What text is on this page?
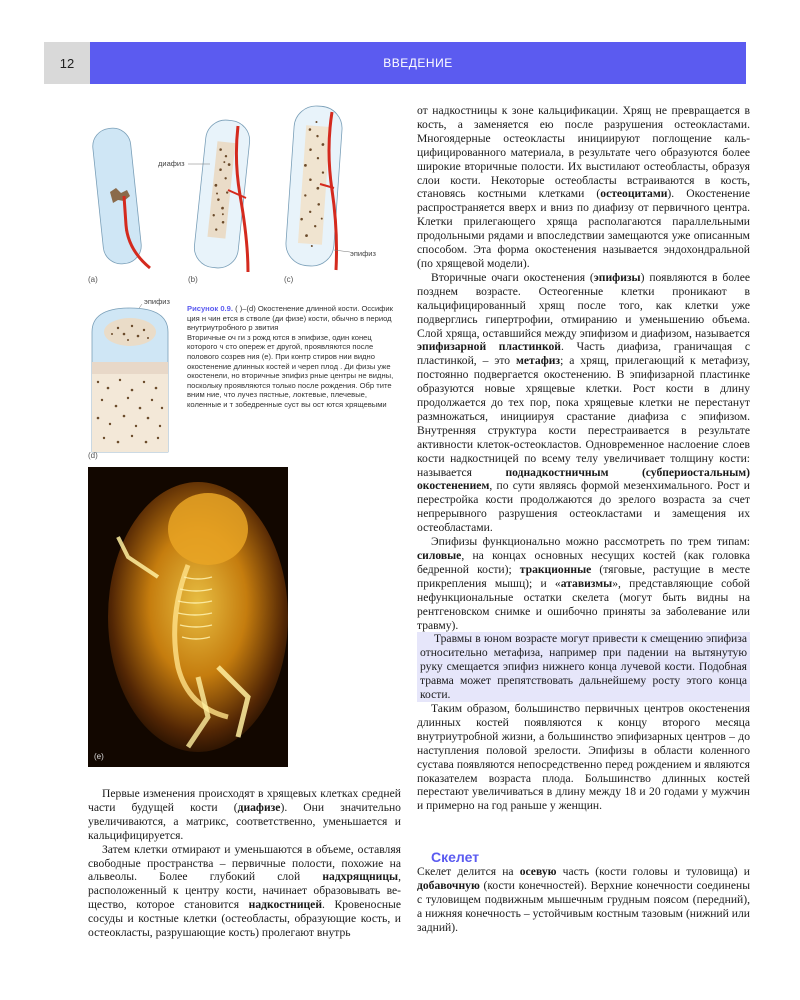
12	ВВЕДЕНИЕ
(a)
диафиз
(b)
эпифиз
(c)
эпифиз
(d)
Рисунок 0.9. ( )–(d) Окостенение длинной кости. Оссифик ция н чин ется в стволе (ди физе) кости, обычно в период внутриутробного р звития
Вторичные оч ги з рожд ются в эпифизе, один конец которого ч сто опереж ет другой, проявляются после полового созрев ния (е). При контр стиров нии видно окостенение длинных костей и череп плод . Ди физы уже окостенели, но вторичные эпифиз рные центры не видны, поскольку проявляются только после рождения. Обр тите вним ние, что лучез пястные, локтевые, плечевые, коленные и т зобедренные суст вы ост ются хрящевыми
(e)

от надкостницы к зоне кальцификации. Хрящ не превращается в кость, а заменяется ею после разрушения остеокластами. Многоядерные остеокласты инициируют поглощение кальцифицированного материала, в результате чего образуются более широкие вторичные полости. Их выстилают остеобласты, образуя слои кости. Некоторые остеобласты встраиваются в кость, становясь костными клетками (остеоцитами). Окостенение распространяется вверх и вниз по диафизу от первичного центра. Клетки прилегающего хряща располагаются параллельными продольными рядами и впоследствии замещаются уже описанным способом. Эта форма окостенения называется эндохондральной (по хрящевой модели).

Вторичные очаги окостенения (эпифизы) появляются в более позднем возрасте. Остеогенные клетки проникают в кальцифицированный хрящ после того, как клетки уже подверглись гипертрофии, отмиранию и уменьшению объема. Слой хряща, оставшийся между эпифизом и диафизом, называется эпифизарной пластинкой. Часть диафиза, граничащая с пластинкой, – это метафиз; а хрящ, прилегающий к метафизу, постоянно подвергается окостенению. В эпифизарной пластинке образуются новые хрящевые клетки. Рост кости в длину продолжается до тех пор, пока хрящевые клетки не перестанут размножаться, инициируя срастание диафиза с эпифизом. Внутренняя структура кости перестраивается в результате активности клеток-остеокластов. Одновременное наслоение слоев кости надкостницей по всему телу увеличивает толщину кости: называется поднадкостничным (субпериостальным) окостенением, по сути являясь формой мезенхимального. Рост и перестройка кости продолжаются до зрелого возраста за счет непрерывного разрушения остеокластами и замещения их остеобластами.

Эпифизы функционально можно рассмотреть по трем типам: силовые, на концах основных несущих костей (как головка бедренной кости); тракционные (тяговые, растущие в месте прикрепления мышц); и «атавизмы», представляющие собой нефункциональные остатки скелета (могут быть видны на рентгеновском снимке и ошибочно приняты за заболевание или травму).

Травмы в юном возрасте могут привести к смещению эпифиза относительно метафиза, например при падении на вытянутую руку смещается эпифиз нижнего конца лучевой кости. Подобная травма может препятствовать дальнейшему росту этого конца кости.

Таким образом, большинство первичных центров окостенения длинных костей появляются к концу второго месяца внутриутробной жизни, а большинство эпифизарных центров – до наступления половой зрелости. Эпифизы в области коленного сустава появляются непосредственно перед рождением и являются показателем возраста плода. Большинство длинных костей перестают увеличиваться в длину между 18 и 20 годами у мужчин и примерно на год раньше у женщин.

Первые изменения происходят в хрящевых клетках средней части будущей кости (диафизе). Они значительно увеличиваются, а матрикс, соответственно, уменьшается и кальцифицируется.

Затем клетки отмирают и уменьшаются в объеме, оставляя свободные пространства – первичные полости, похожие на альвеолы. Более глубокий слой надхрящницы, расположенный к центру кости, начинает образовывать вещество, которое становится надкостницей. Кровеносные сосуды и костные клетки (остеобласты, образующие кость, и остеокласты, разрушающие кость) пролегают внутрь

Скелет

Скелет делится на осевую часть (кости головы и туловища) и добавочную (кости конечностей). Верхние конечности соединены с туловищем подвижным мышечным грудным поясом (передний), а нижняя конечность – устойчивым костным тазовым (нижний или задний).
